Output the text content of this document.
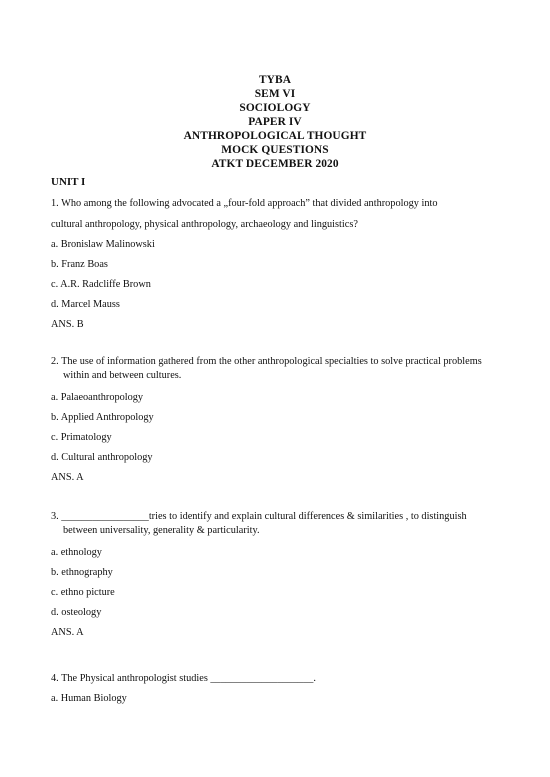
TYBA
SEM VI
SOCIOLOGY
PAPER IV
ANTHROPOLOGICAL THOUGHT
MOCK QUESTIONS
ATKT DECEMBER 2020
UNIT I
1. Who among the following advocated a „four-fold approach” that divided anthropology into
cultural anthropology, physical anthropology, archaeology and linguistics?
a. Bronislaw Malinowski
b. Franz Boas
c. A.R. Radcliffe Brown
d. Marcel Mauss
ANS. B
2. The use of information gathered from the other anthropological specialties to solve practical problems
within and between cultures.
a. Palaeoanthropology
b. Applied Anthropology
c. Primatology
d. Cultural anthropology
ANS. A
3. _________________tries to identify and explain cultural differences & similarities , to distinguish
between universality, generality & particularity.
a. ethnology
b. ethnography
c. ethno picture
d. osteology
ANS. A
4. The Physical anthropologist studies ____________________.
a. Human Biology
